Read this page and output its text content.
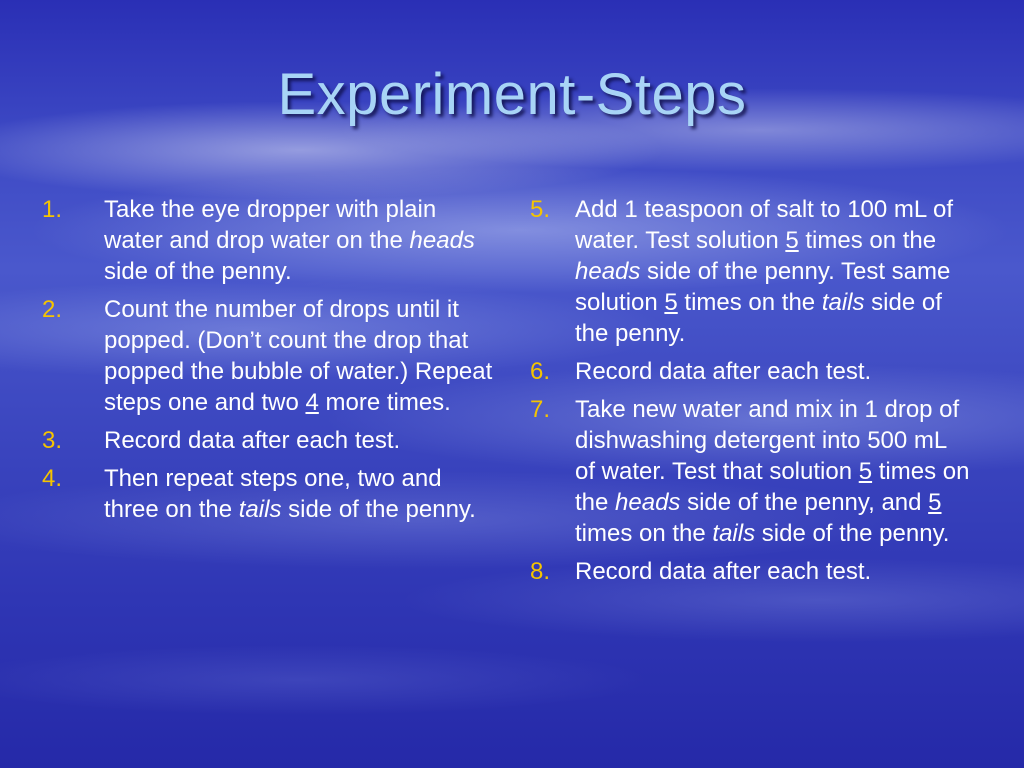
Experiment-Steps
1. Take the eye dropper with plain water and drop water on the heads side of the penny.
2. Count the number of drops until it popped. (Don’t count the drop that popped the bubble of water.) Repeat steps one and two 4 more times.
3. Record data after each test.
4. Then repeat steps one, two and three on the tails side of the penny.
5. Add 1 teaspoon of salt to 100 mL of water. Test solution 5 times on the heads side of the penny. Test same solution 5 times on the tails side of the penny.
6. Record data after each test.
7. Take new water and mix in 1 drop of dishwashing detergent into 500 mL of water. Test that solution 5 times on the heads side of the penny, and 5 times on the tails side of the penny.
8. Record data after each test.
